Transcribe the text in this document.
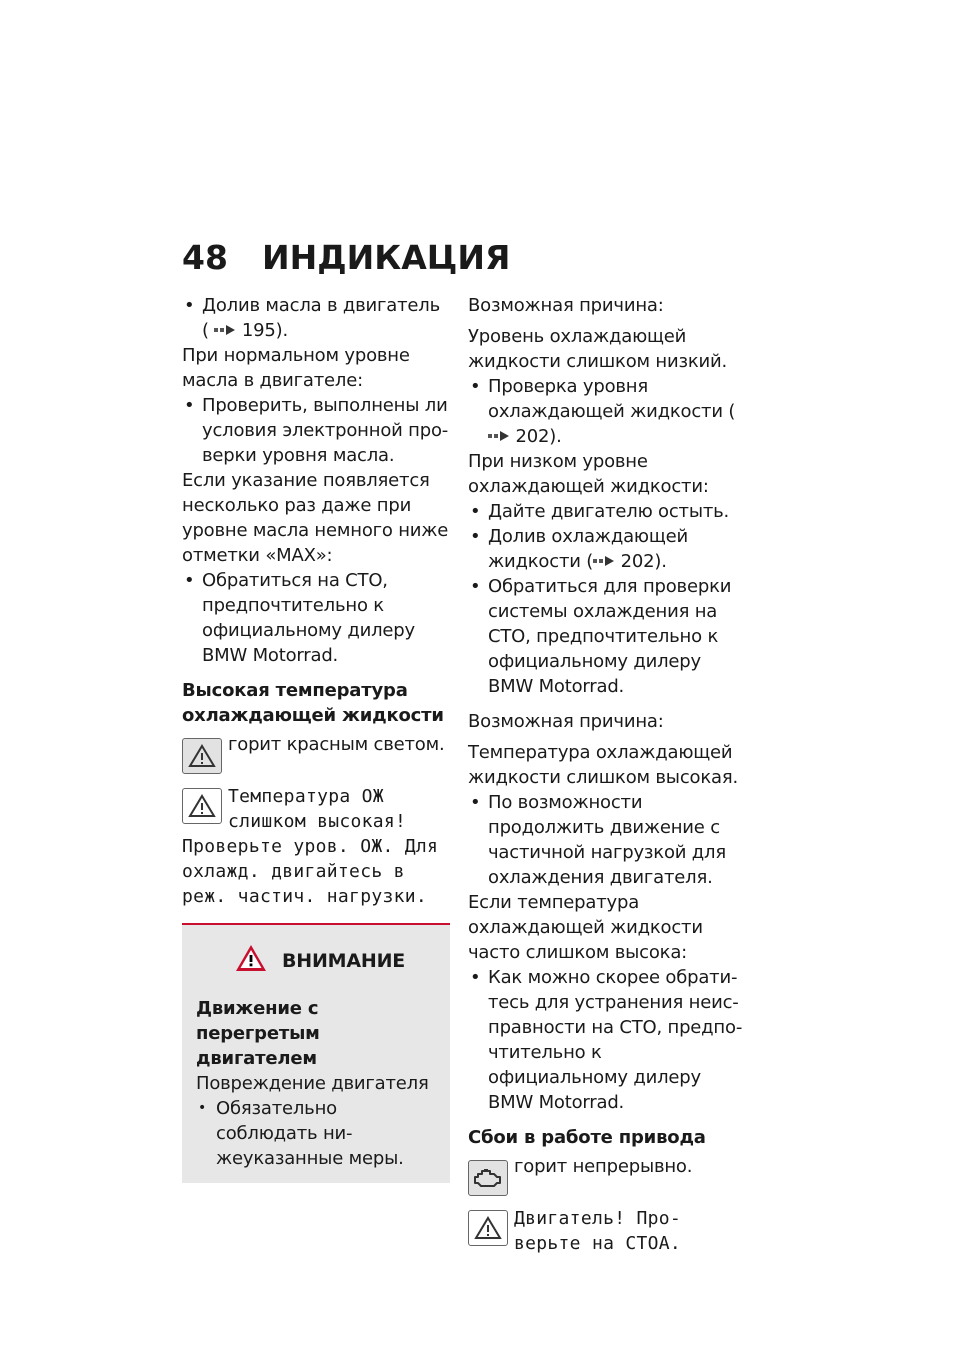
48 ИНДИКАЦИЯ

• Долив масла в двигатель
( 195).

При нормальном уровне масла в двигателе:

• Проверить, выполнены ли условия электронной проверки уровня масла.

Если указание появляется несколько раз даже при уровне масла немного ниже отметки «MAX»:

• Обратиться на СТО, предпочтительно к официальному дилеру BMW Motorrad.

Высокая температура охлаждающей жидкости

горит красным светом.
Температура ОЖ
слишком высокая!
Проверьте уров. ОЖ. Для охлажд. двигайтесь в реж. частич. нагрузки.
ВНИМАНИЕ

Движение с перегретым двигателем

Повреждение двигателя

• Обязательно соблюдать нижеуказанные меры.

Возможная причина:

Уровень охлаждающей жидкости слишком низкий.

• Проверка уровня охлаждающей жидкости ( 202).

При низком уровне охлаждающей жидкости:

• Дайте двигателю остыть.

• Долив охлаждающей жидкости ( 202).

• Обратиться для проверки системы охлаждения на СТО, предпочтительно к официальному дилеру BMW Motorrad.

Возможная причина:

Температура охлаждающей жидкости слишком высокая.

• По возможности продолжить движение с частичной нагрузкой для охлаждения двигателя.

Если температура охлаждающей жидкости часто слишком высока:

• Как можно скорее обратитесь для устранения неисправности на СТО, предпочтительно к официальному дилеру BMW Motorrad.

Сбои в работе привода

горит непрерывно.
Двигатель! Про-
верьте на СТОА.
